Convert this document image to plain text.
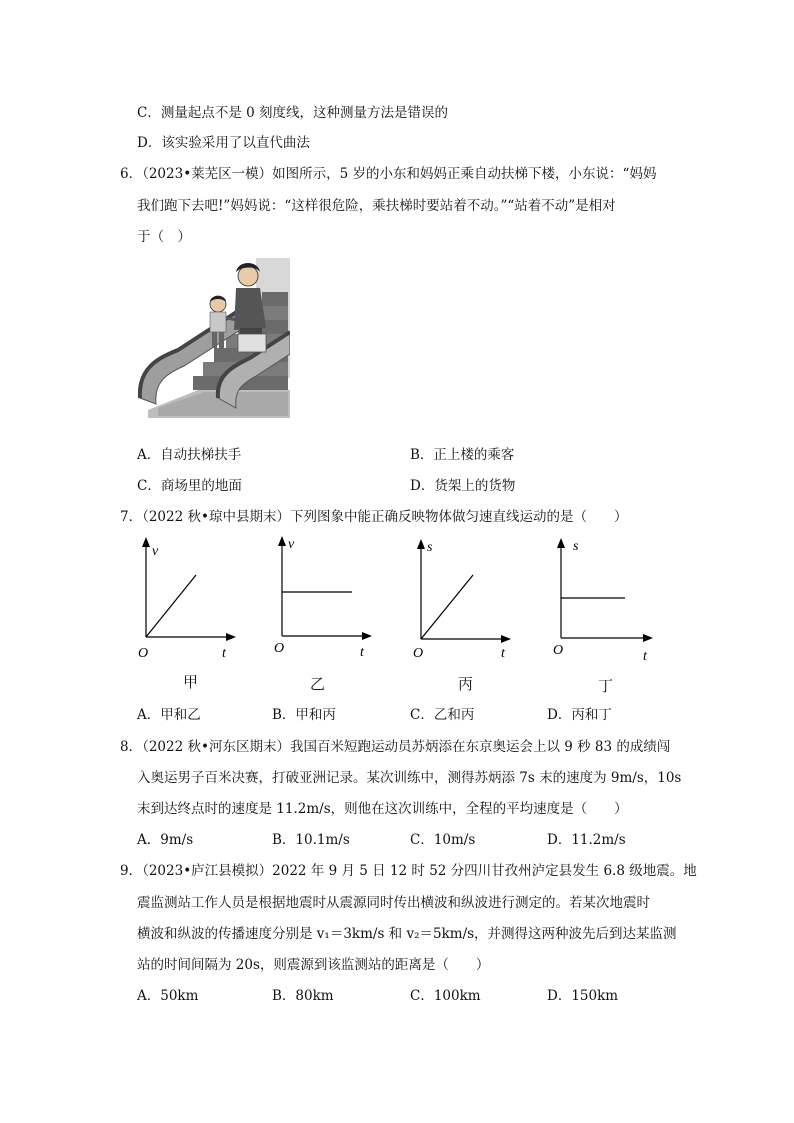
C．测量起点不是 0 刻度线，这种测量方法是错误的
D．该实验采用了以直代曲法
6．（2023•莱芜区一模）如图所示，5 岁的小东和妈妈正乘自动扶梯下楼，小东说：“妈妈
我们跑下去吧!”妈妈说：“这样很危险，乘扶梯时要站着不动。”“站着不动”是相对
于（　）
A．自动扶梯扶手	B．正上楼的乘客
C．商场里的地面	D．货架上的货物
7．（2022 秋•琼中县期末）下列图象中能正确反映物体做匀速直线运动的是（　　）
v
t
O
甲
v
t
O
乙
s
t
O
丙
s
t
O
丁
A．甲和乙	B．甲和丙	C．乙和丙	D．丙和丁
8．（2022 秋•河东区期末）我国百米短跑运动员苏炳添在东京奥运会上以 9 秒 83 的成绩闯
入奥运男子百米决赛，打破亚洲记录。某次训练中，测得苏炳添 7s 末的速度为 9m/s，10s
末到达终点时的速度是 11.2m/s，则他在这次训练中，全程的平均速度是（　　）
A．9m/s	B．10.1m/s	C．10m/s	D．11.2m/s
9．（2023•庐江县模拟）2022 年 9 月 5 日 12 时 52 分四川甘孜州泸定县发生 6.8 级地震。地
震监测站工作人员是根据地震时从震源同时传出横波和纵波进行测定的。若某次地震时
横波和纵波的传播速度分别是 v₁＝3km/s 和 v₂＝5km/s，并测得这两种波先后到达某监测
站的时间间隔为 20s，则震源到该监测站的距离是（　　）
A．50km	B．80km	C．100km	D．150km
